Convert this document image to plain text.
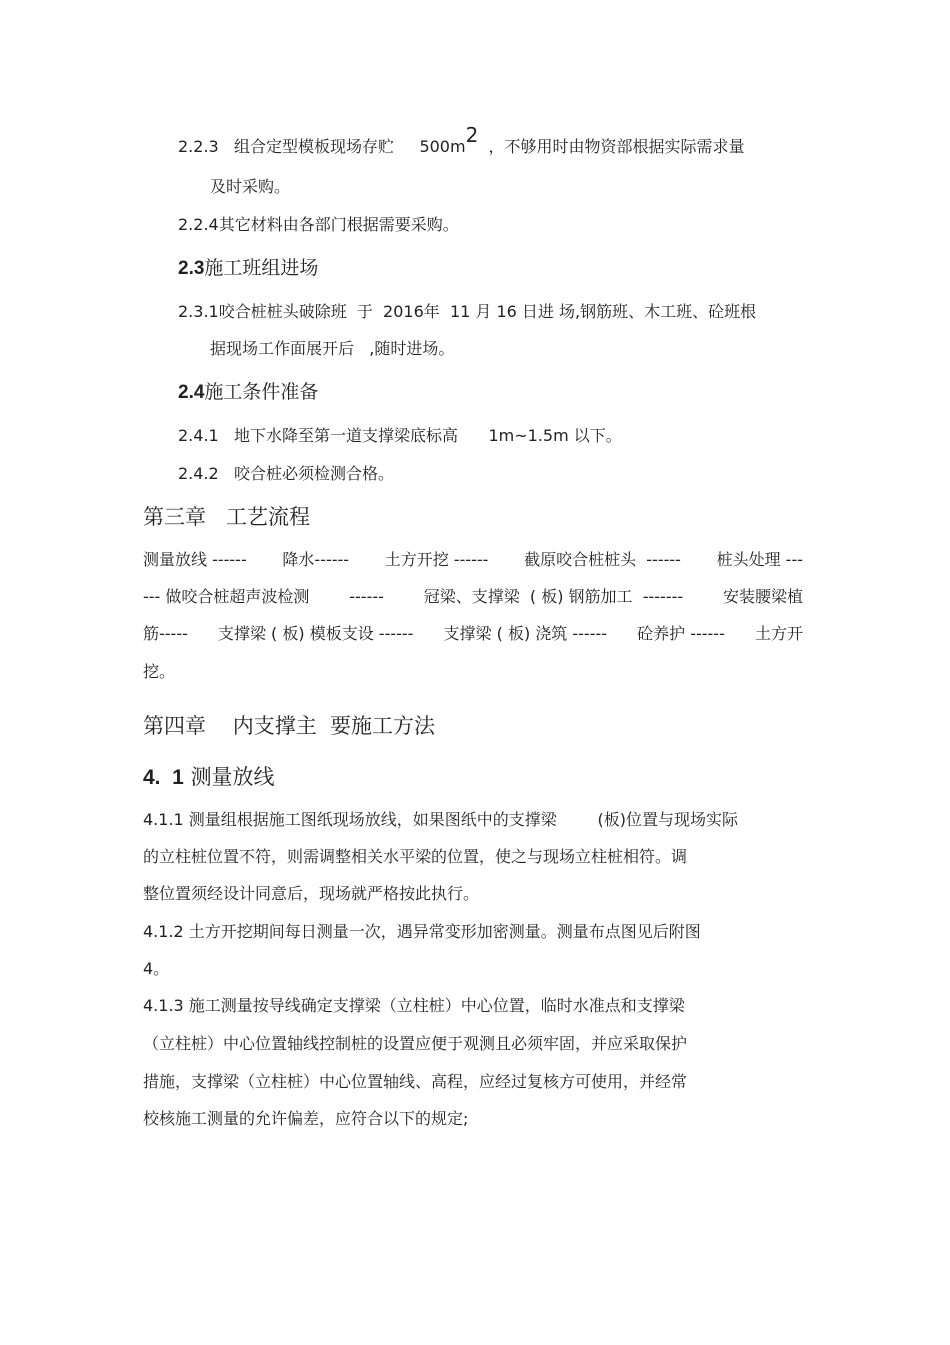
2.2.3 组合定型模板现场存贮 500m2 ，不够用时由物资部根据实际需求量
及时采购。
2.2.4其它材料由各部门根据需要采购。
2.3施工班组进场
2.3.1咬合桩桩头破除班  于  2016年  11 月 16 日进 场,钢筋班、木工班、砼班根
据现场工作面展开后   ,随时进场。
2.4施工条件准备
2.4.1   地下水降至第一道支撑梁底标高      1m~1.5m 以下。
2.4.2   咬合桩必须检测合格。
第三章   工艺流程
测量放线 ------ 降水------ 土方开挖 ------ 截原咬合桩桩头  ------ 桩头处理 ---
--- 做咬合桩超声波检测 ------ 冠梁、支撑梁  ( 板) 钢筋加工  ------- 安装腰梁植
筋----- 支撑梁 ( 板) 模板支设 ------ 支撑梁 ( 板) 浇筑 ------ 砼养护 ------ 土方开
挖。
第四章    内支撑主  要施工方法
4.  1 测量放线
4.1.1 测量组根据施工图纸现场放线，如果图纸中的支撑梁        (板)位置与现场实际
的立柱桩位置不符，则需调整相关水平梁的位置，使之与现场立柱桩相符。调
整位置须经设计同意后，现场就严格按此执行。
4.1.2 土方开挖期间每日测量一次，遇异常变形加密测量。测量布点图见后附图
4。
4.1.3 施工测量按导线确定支撑梁（立柱桩）中心位置，临时水准点和支撑梁
（立柱桩）中心位置轴线控制桩的设置应便于观测且必须牢固，并应采取保护
措施，支撑梁（立柱桩）中心位置轴线、高程，应经过复核方可使用，并经常
校核施工测量的允许偏差，应符合以下的规定;
